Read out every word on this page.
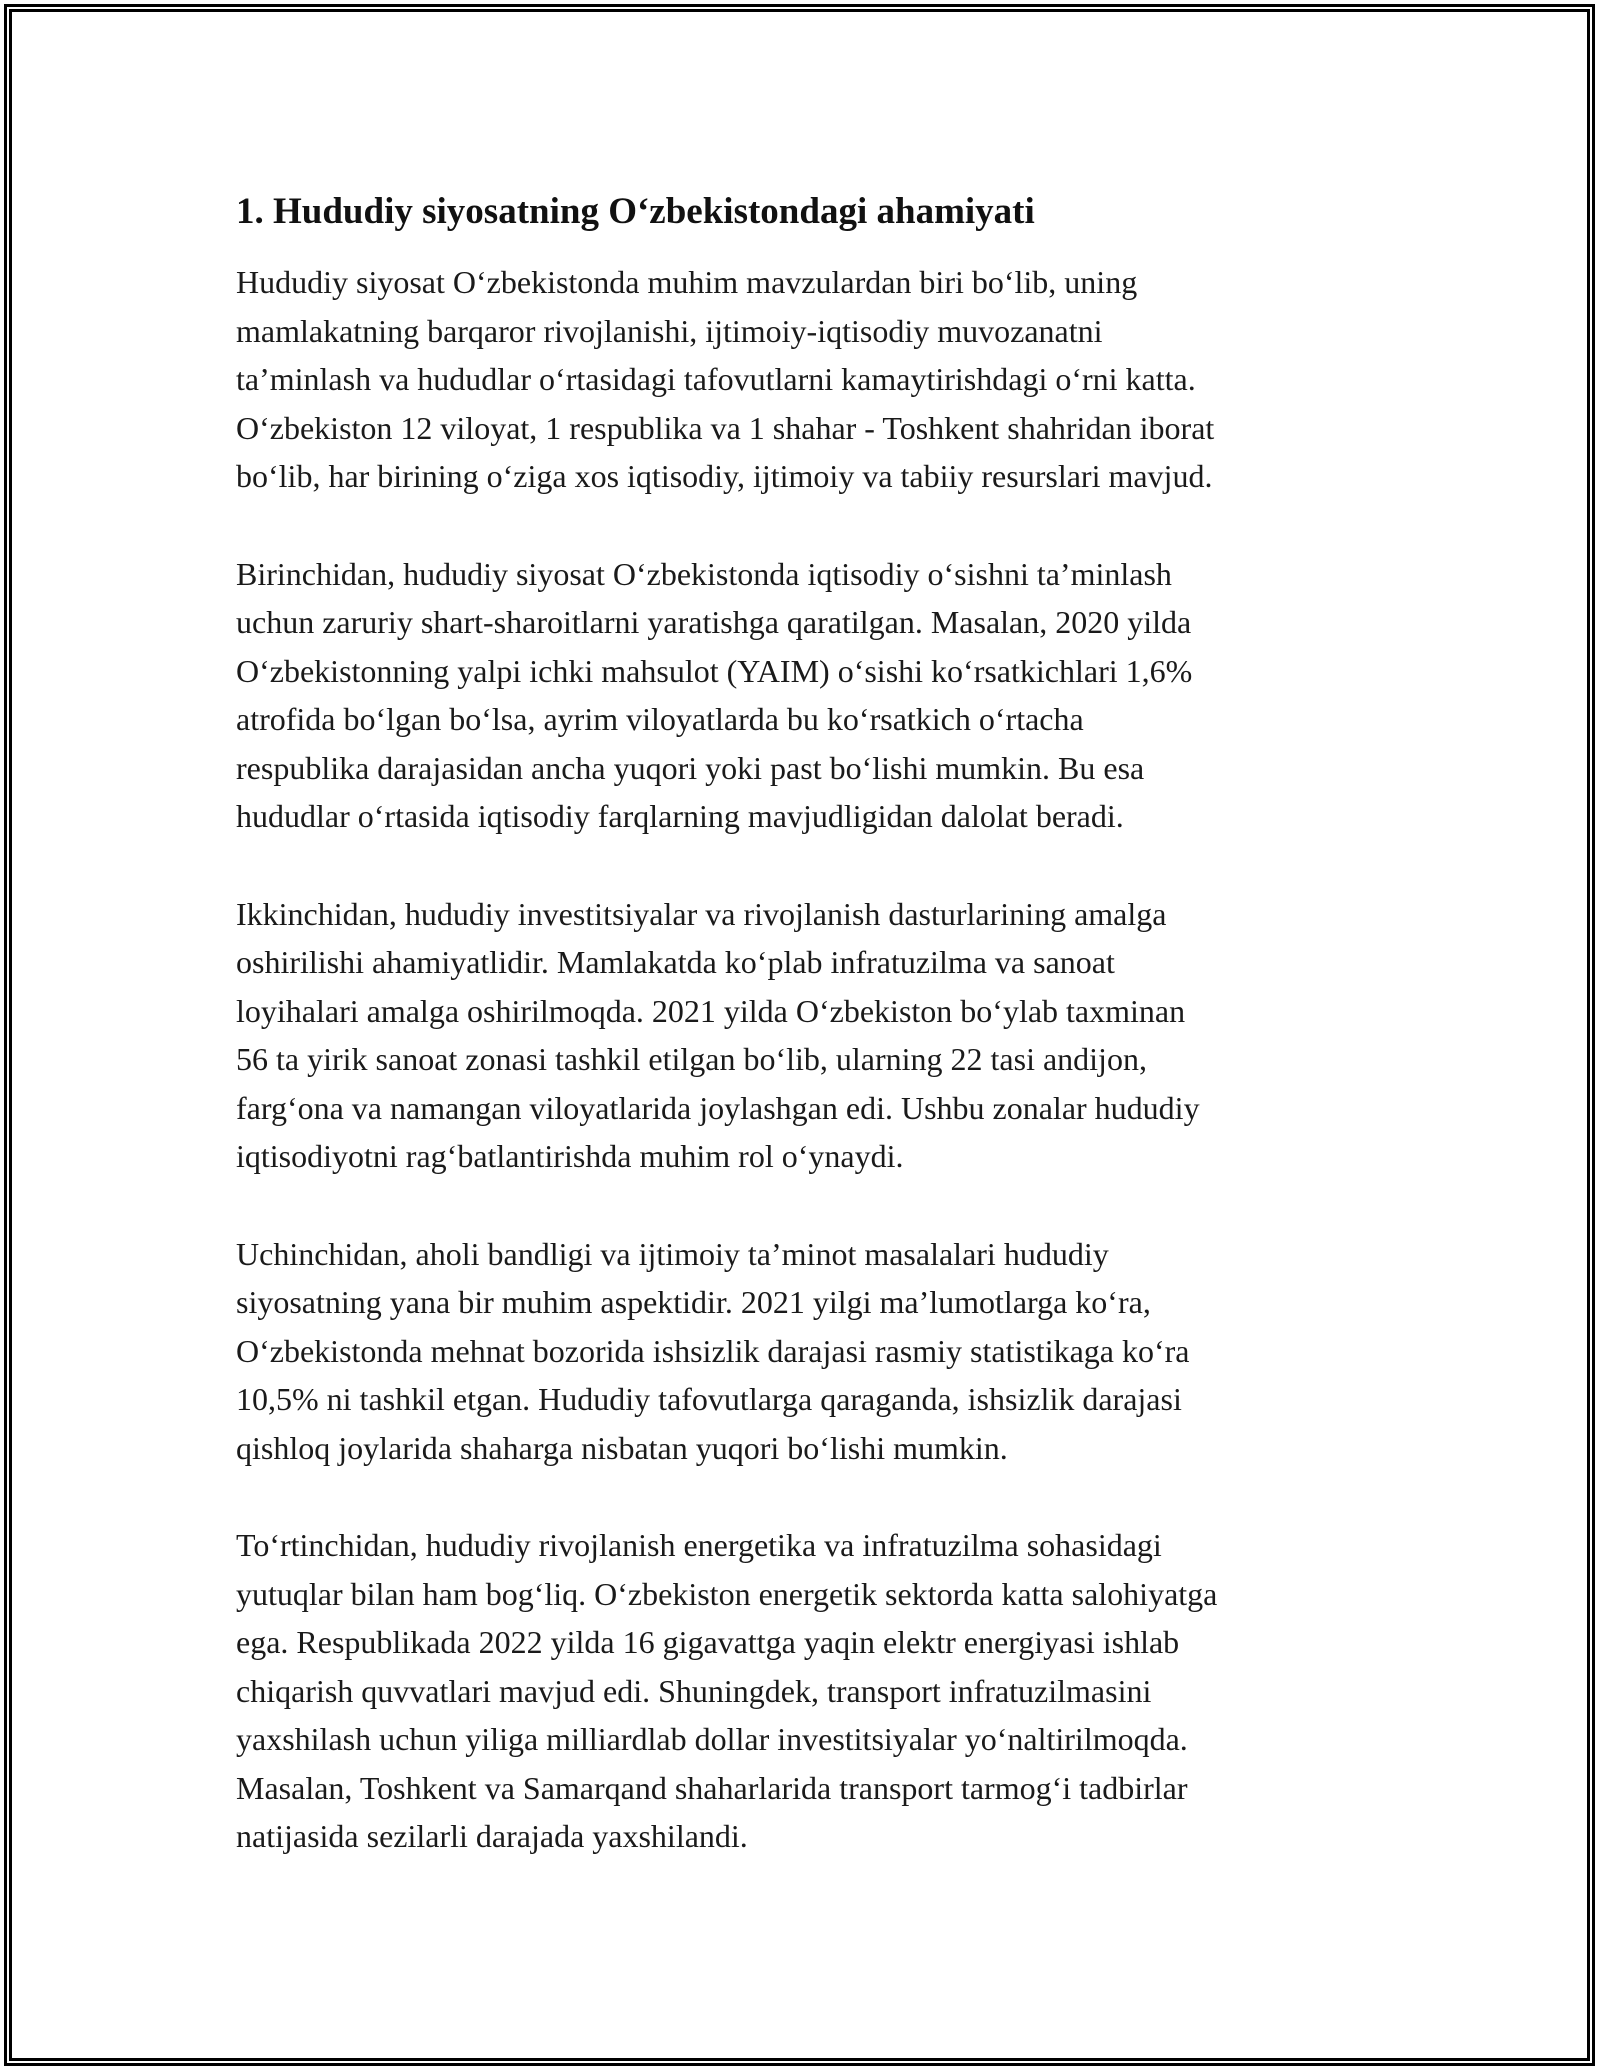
1. Hududiy siyosatning O‘zbekistondagi ahamiyati

Hududiy siyosat O‘zbekistonda muhim mavzulardan biri bo‘lib, uning
mamlakatning barqaror rivojlanishi, ijtimoiy-iqtisodiy muvozanatni
ta’minlash va hududlar o‘rtasidagi tafovutlarni kamaytirishdagi o‘rni katta.
O‘zbekiston 12 viloyat, 1 respublika va 1 shahar - Toshkent shahridan iborat
bo‘lib, har birining o‘ziga xos iqtisodiy, ijtimoiy va tabiiy resurslari mavjud.

Birinchidan, hududiy siyosat O‘zbekistonda iqtisodiy o‘sishni ta’minlash
uchun zaruriy shart-sharoitlarni yaratishga qaratilgan. Masalan, 2020 yilda
O‘zbekistonning yalpi ichki mahsulot (YAIM) o‘sishi ko‘rsatkichlari 1,6%
atrofida bo‘lgan bo‘lsa, ayrim viloyatlarda bu ko‘rsatkich o‘rtacha
respublika darajasidan ancha yuqori yoki past bo‘lishi mumkin. Bu esa
hududlar o‘rtasida iqtisodiy farqlarning mavjudligidan dalolat beradi.

Ikkinchidan, hududiy investitsiyalar va rivojlanish dasturlarining amalga
oshirilishi ahamiyatlidir. Mamlakatda ko‘plab infratuzilma va sanoat
loyihalari amalga oshirilmoqda. 2021 yilda O‘zbekiston bo‘ylab taxminan
56 ta yirik sanoat zonasi tashkil etilgan bo‘lib, ularning 22 tasi andijon,
farg‘ona va namangan viloyatlarida joylashgan edi. Ushbu zonalar hududiy
iqtisodiyotni rag‘batlantirishda muhim rol o‘ynaydi.

Uchinchidan, aholi bandligi va ijtimoiy ta’minot masalalari hududiy
siyosatning yana bir muhim aspektidir. 2021 yilgi ma’lumotlarga ko‘ra,
O‘zbekistonda mehnat bozorida ishsizlik darajasi rasmiy statistikaga ko‘ra
10,5% ni tashkil etgan. Hududiy tafovutlarga qaraganda, ishsizlik darajasi
qishloq joylarida shaharga nisbatan yuqori bo‘lishi mumkin.

To‘rtinchidan, hududiy rivojlanish energetika va infratuzilma sohasidagi
yutuqlar bilan ham bog‘liq. O‘zbekiston energetik sektorda katta salohiyatga
ega. Respublikada 2022 yilda 16 gigavattga yaqin elektr energiyasi ishlab
chiqarish quvvatlari mavjud edi. Shuningdek, transport infratuzilmasini
yaxshilash uchun yiliga milliardlab dollar investitsiyalar yo‘naltirilmoqda.
Masalan, Toshkent va Samarqand shaharlarida transport tarmog‘i tadbirlar
natijasida sezilarli darajada yaxshilandi.
